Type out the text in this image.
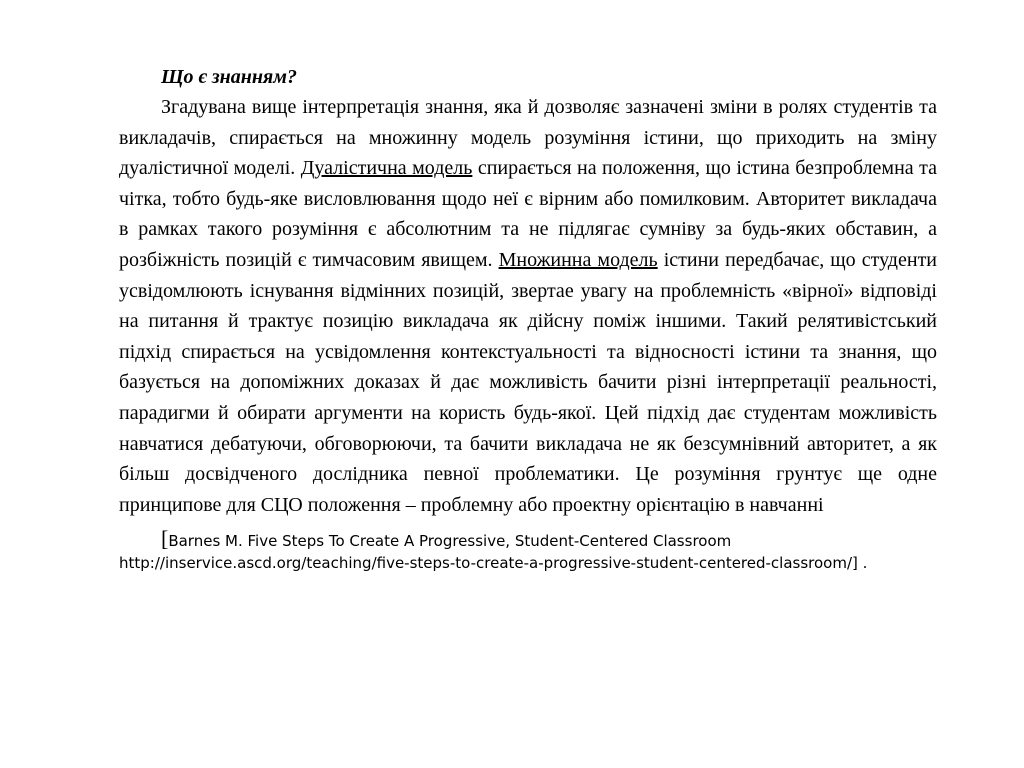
Що є знанням?

Згадувана вище інтерпретація знання, яка й дозволяє зазначені зміни в ролях студентів та викладачів, спирається на множинну модель розуміння істини, що приходить на зміну дуалістичної моделі. Дуалістична модель спирається на положення, що істина безпроблемна та чітка, тобто будь-яке висловлювання щодо неї є вірним або помилковим. Авторитет викладача в рамках такого розуміння є абсолютним та не підлягає сумніву за будь-яких обставин, а розбіжність позицій є тимчасовим явищем. Множинна модель істини передбачає, що студенти усвідомлюють існування відмінних позицій, звертае увагу на проблемність «вірної» відповіді на питання й трактує позицію викладача як дійсну поміж іншими. Такий релятивістський підхід спирається на усвідомлення контекстуальності та відносності істини та знання, що базується на допоміжних доказах й дає можливість бачити різні інтерпретації реальності, парадигми й обирати аргументи на користь будь-якої. Цей підхід дає студентам можливість навчатися дебатуючи, обговорюючи, та бачити викладача не як безсумнівний авторитет, а як більш досвідченого дослідника певної проблематики. Це розуміння грунтує ще одне принципове для СЦО положення – проблемну або проектну орієнтацію в навчанні

[Barnes M. Five Steps To Create A Progressive, Student-Centered Classroom
http://inservice.ascd.org/teaching/five-steps-to-create-a-progressive-student-centered-classroom/] .
